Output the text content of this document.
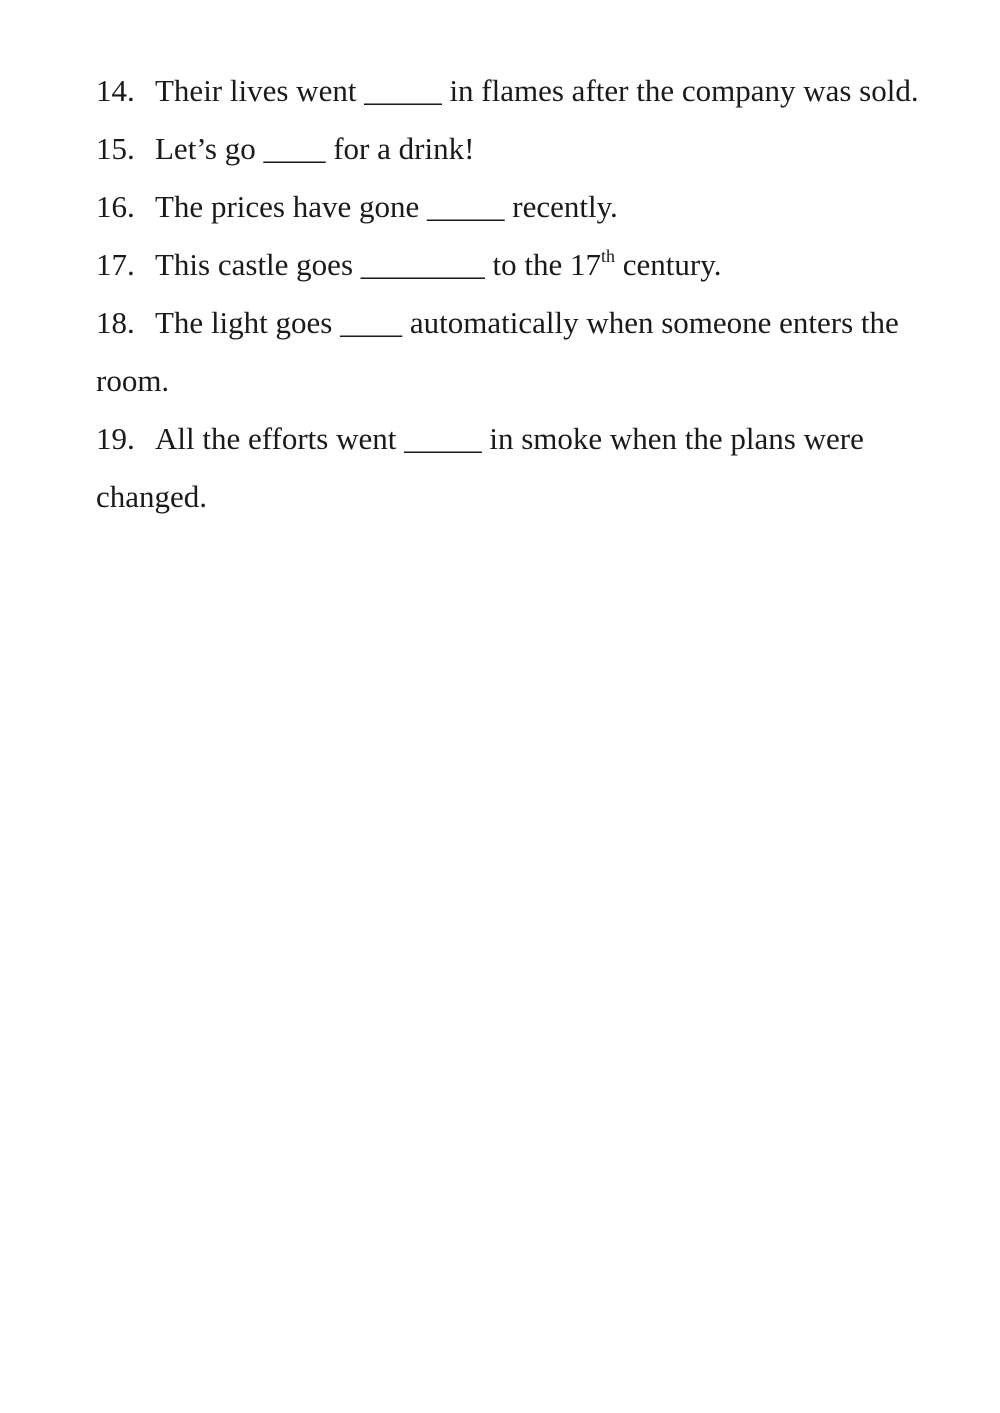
14. Their lives went _____ in flames after the company was sold.

15. Let’s go ____ for a drink!

16. The prices have gone _____ recently.

17. This castle goes ________ to the 17th century.

18. The light goes ____ automatically when someone enters the room.

19. All the efforts went _____ in smoke when the plans were changed.
